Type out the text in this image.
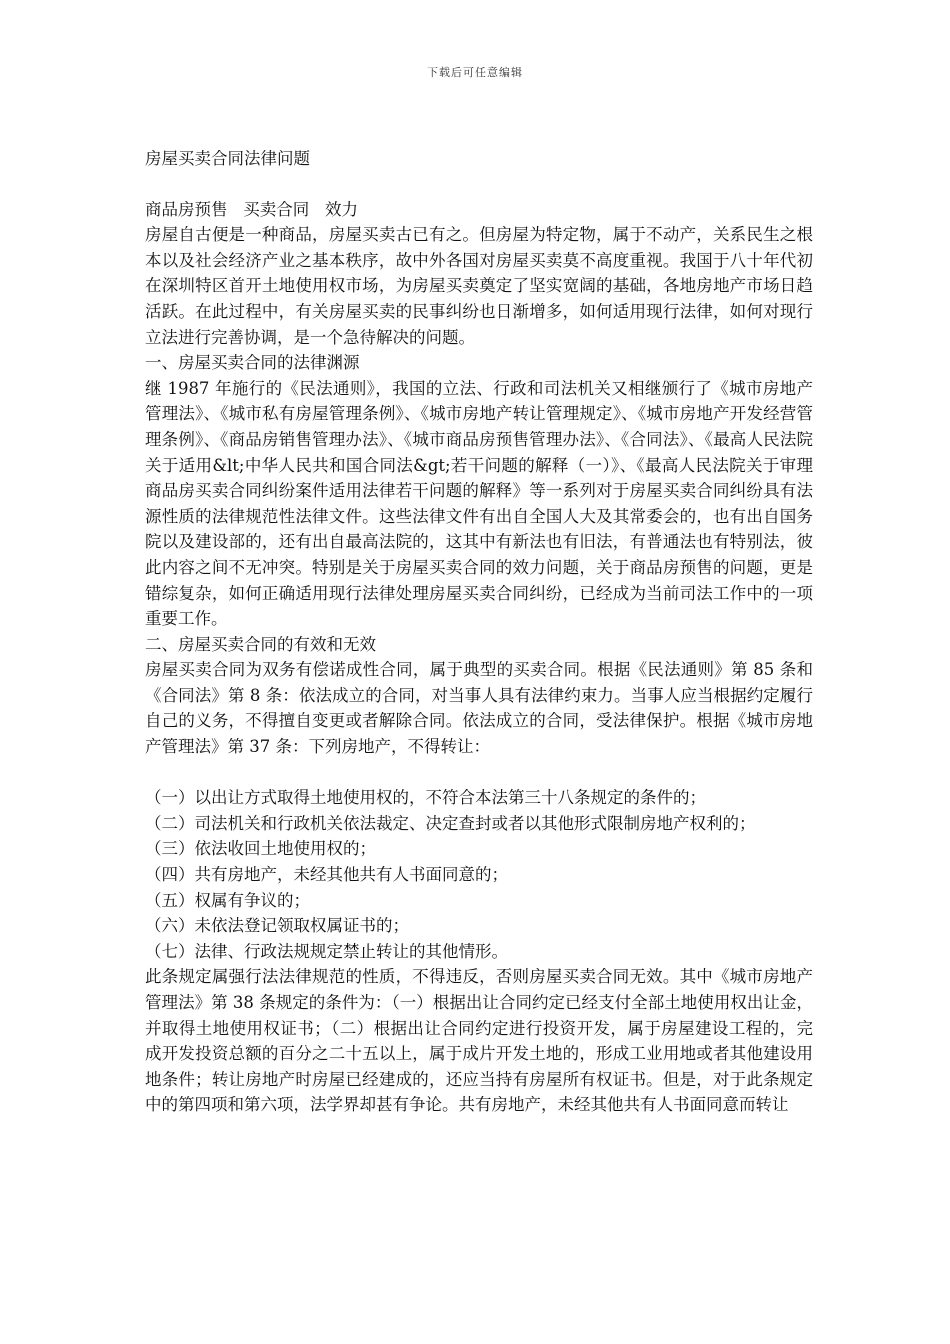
下载后可任意编辑

房屋买卖合同法律问题

商品房预售   买卖合同   效力

房屋自古便是一种商品，房屋买卖古已有之。但房屋为特定物，属于不动产，关系民生之根本以及社会经济产业之基本秩序，故中外各国对房屋买卖莫不高度重视。我国于八十年代初在深圳特区首开土地使用权市场，为房屋买卖奠定了坚实宽阔的基础，各地房地产市场日趋活跃。在此过程中，有关房屋买卖的民事纠纷也日渐增多，如何适用现行法律，如何对现行立法进行完善协调，是一个急待解决的问题。

一、房屋买卖合同的法律渊源

继 1987 年施行的《民法通则》，我国的立法、行政和司法机关又相继颁行了《城市房地产管理法》、《城市私有房屋管理条例》、《城市房地产转让管理规定》、《城市房地产开发经营管理条例》、《商品房销售管理办法》、《城市商品房预售管理办法》、《合同法》、《最高人民法院关于适用&lt;中华人民共和国合同法&gt;若干问题的解释（一）》、《最高人民法院关于审理商品房买卖合同纠纷案件适用法律若干问题的解释》等一系列对于房屋买卖合同纠纷具有法源性质的法律规范性法律文件。这些法律文件有出自全国人大及其常委会的，也有出自国务院以及建设部的，还有出自最高法院的，这其中有新法也有旧法，有普通法也有特别法，彼此内容之间不无冲突。特别是关于房屋买卖合同的效力问题，关于商品房预售的问题，更是错综复杂，如何正确适用现行法律处理房屋买卖合同纠纷，已经成为当前司法工作中的一项重要工作。

二、房屋买卖合同的有效和无效

房屋买卖合同为双务有偿诺成性合同，属于典型的买卖合同。根据《民法通则》第 85 条和《合同法》第 8 条：依法成立的合同，对当事人具有法律约束力。当事人应当根据约定履行自己的义务，不得擅自变更或者解除合同。依法成立的合同，受法律保护。根据《城市房地产管理法》第 37 条：下列房地产，不得转让：

（一）以出让方式取得土地使用权的，不符合本法第三十八条规定的条件的；

（二）司法机关和行政机关依法裁定、决定查封或者以其他形式限制房地产权利的；

（三）依法收回土地使用权的；

（四）共有房地产，未经其他共有人书面同意的；

（五）权属有争议的；

（六）未依法登记领取权属证书的；

（七）法律、行政法规规定禁止转让的其他情形。

此条规定属强行法法律规范的性质，不得违反，否则房屋买卖合同无效。其中《城市房地产管理法》第 38 条规定的条件为：（一）根据出让合同约定已经支付全部土地使用权出让金，并取得土地使用权证书；（二）根据出让合同约定进行投资开发，属于房屋建设工程的，完成开发投资总额的百分之二十五以上，属于成片开发土地的，形成工业用地或者其他建设用地条件；转让房地产时房屋已经建成的，还应当持有房屋所有权证书。但是，对于此条规定中的第四项和第六项，法学界却甚有争论。共有房地产，未经其他共有人书面同意而转让
